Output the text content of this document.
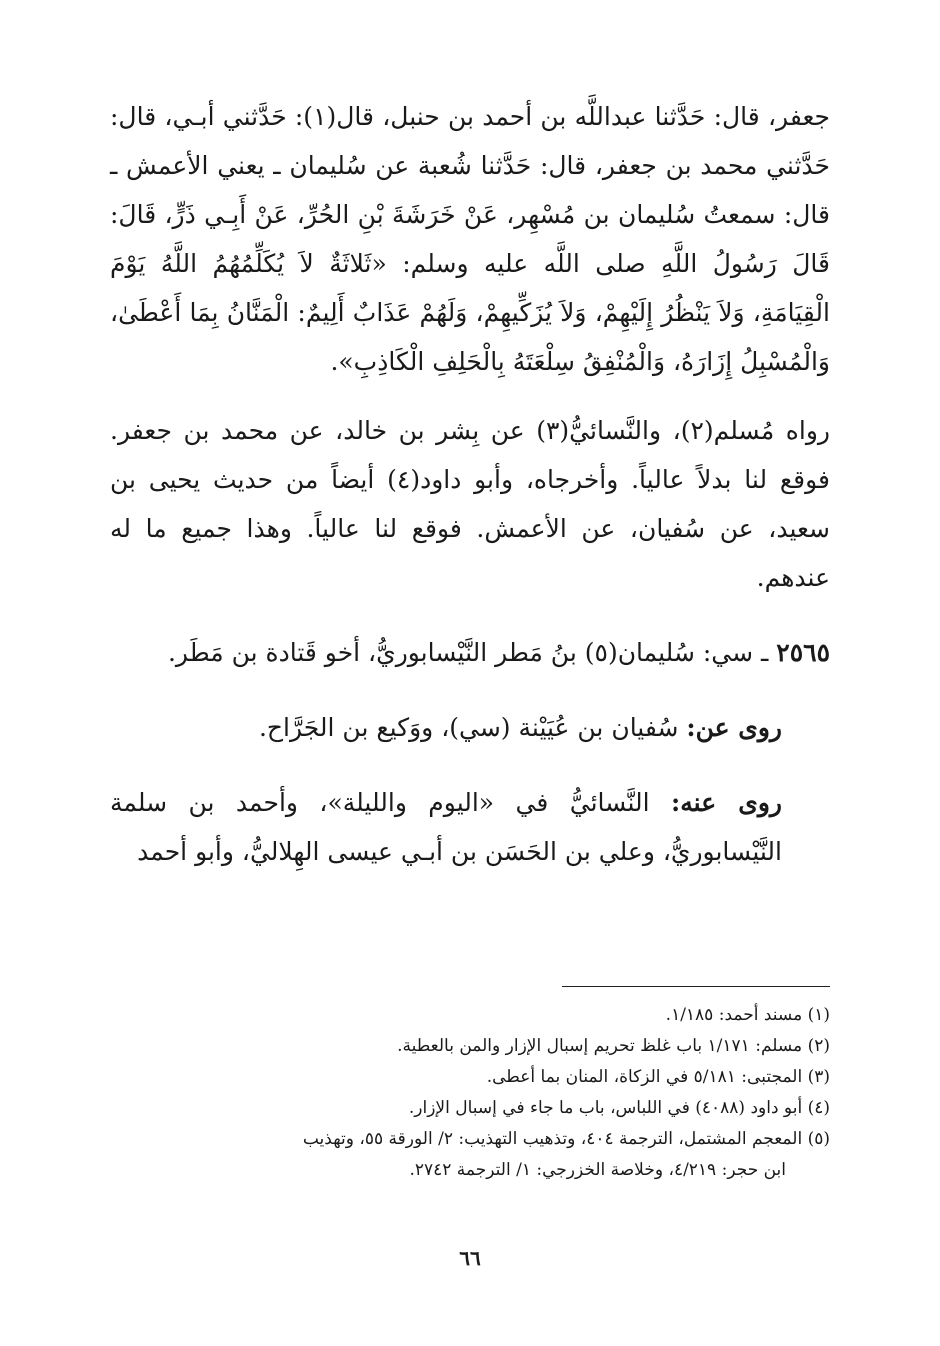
جعفر، قال: حَدَّثنا عبداللَّه بن أحمد بن حنبل، قال(١): حَدَّثني أبـي، قال: حَدَّثني محمد بن جعفر، قال: حَدَّثنا شُعبة عن سُليمان ـ يعني الأعمش ـ قال: سمعتُ سُليمان بن مُسْهِر، عَنْ خَرَشَةَ بْنِ الحُرِّ، عَنْ أَبِـي ذَرٍّ، قَالَ: قَالَ رَسُولُ اللَّهِ صلى اللَّه عليه وسلم: «ثَلاثَةٌ لاَ يُكَلِّمُهُمُ اللَّهُ يَوْمَ الْقِيَامَةِ، وَلاَ يَنْظُرُ إِلَيْهِمْ، وَلاَ يُزَكِّيهِمْ، وَلَهُمْ عَذَابٌ أَلِيمٌ: الْمَنَّانُ بِمَا أَعْطَىٰ، وَالْمُسْبِلُ إِزَارَهُ، وَالْمُنْفِقُ سِلْعَتَهُ بِالْحَلِفِ الْكَاذِبِ».

رواه مُسلم(٢)، والنَّسائيُّ(٣) عن بِشر بن خالد، عن محمد بن جعفر. فوقع لنا بدلاً عالياً. وأخرجاه، وأبو داود(٤) أيضاً من حديث يحيى بن سعيد، عن سُفيان، عن الأعمش. فوقع لنا عالياً. وهذا جميع ما له عندهم.

٢٥٦٥ ـ سي: سُليمان(٥) بنُ مَطر النَّيْسابوريُّ، أخو قَتادة بن مَطَر.

روى عن: سُفيان بن عُيَيْنة (سي)، ووَكيع بن الجَرَّاح.

روى عنه: النَّسائيُّ في «اليوم والليلة»، وأحمد بن سلمة النَّيْسابوريُّ، وعلي بن الحَسَن بن أبـي عيسى الهِلاليُّ، وأبو أحمد

(١) مسند أحمد: ١/١٨٥.

(٢) مسلم: ١/١٧١ باب غلظ تحريم إسبال الإزار والمن بالعطية.

(٣) المجتبى: ٥/١٨١ في الزكاة، المنان بما أعطى.

(٤) أبو داود (٤٠٨٨) في اللباس، باب ما جاء في إسبال الإزار.

(٥) المعجم المشتمل، الترجمة ٤٠٤، وتذهيب التهذيب: ٢/ الورقة ٥٥، وتهذيب
ابن حجر: ٤/٢١٩، وخلاصة الخزرجي: ١/ الترجمة ٢٧٤٢.

٦٦
